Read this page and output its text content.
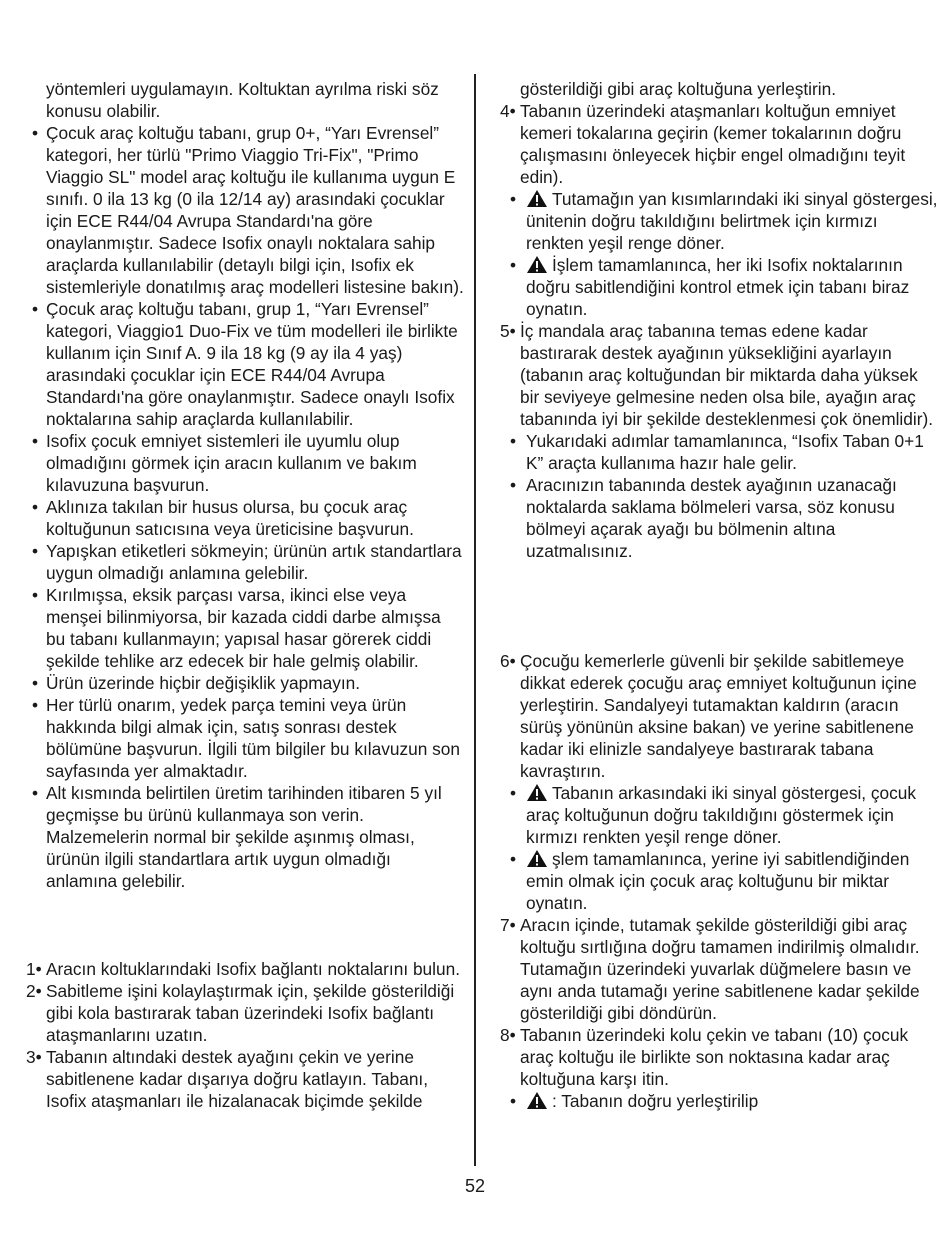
yöntemleri uygulamayın. Koltuktan ayrılma riski söz konusu olabilir.

• Çocuk araç koltuğu tabanı, grup 0+, “Yarı Evrensel” kategori, her türlü "Primo Viaggio Tri-Fix", "Primo Viaggio SL" model araç koltuğu ile kullanıma uygun E sınıfı. 0 ila 13 kg (0 ila 12/14 ay) arasındaki çocuklar için ECE R44/04 Avrupa Standardı'na göre onaylanmıştır. Sadece Isofix onaylı noktalara sahip araçlarda kullanılabilir (detaylı bilgi için, Isofix ek sistemleriyle donatılmış araç modelleri listesine bakın).

• Çocuk araç koltuğu tabanı, grup 1, “Yarı Evrensel” kategori, Viaggio1 Duo-Fix ve tüm modelleri ile birlikte kullanım için Sınıf A. 9 ila 18 kg (9 ay ila 4 yaş) arasındaki çocuklar için ECE R44/04 Avrupa Standardı'na göre onaylanmıştır. Sadece onaylı Isofix noktalarına sahip araçlarda kullanılabilir.

• Isofix çocuk emniyet sistemleri ile uyumlu olup olmadığını görmek için aracın kullanım ve bakım kılavuzuna başvurun.

• Aklınıza takılan bir husus olursa, bu çocuk araç koltuğunun satıcısına veya üreticisine başvurun.

• Yapışkan etiketleri sökmeyin; ürünün artık standartlara uygun olmadığı anlamına gelebilir.

• Kırılmışsa, eksik parçası varsa, ikinci else veya menşei bilinmiyorsa, bir kazada ciddi darbe almışsa bu tabanı kullanmayın; yapısal hasar görerek ciddi şekilde tehlike arz edecek bir hale gelmiş olabilir.

• Ürün üzerinde hiçbir değişiklik yapmayın.

• Her türlü onarım, yedek parça temini veya ürün hakkında bilgi almak için, satış sonrası destek bölümüne başvurun. İlgili tüm bilgiler bu kılavuzun son sayfasında yer almaktadır.

• Alt kısmında belirtilen üretim tarihinden itibaren 5 yıl geçmişse bu ürünü kullanmaya son verin. Malzemelerin normal bir şekilde aşınmış olması, ürünün ilgili standartlara artık uygun olmadığı anlamına gelebilir.

1• Aracın koltuklarındaki Isofix bağlantı noktalarını bulun.

2• Sabitleme işini kolaylaştırmak için, şekilde gösterildiği gibi kola bastırarak taban üzerindeki Isofix bağlantı ataşmanlarını uzatın.

3• Tabanın altındaki destek ayağını çekin ve yerine sabitlenene kadar dışarıya doğru katlayın. Tabanı, Isofix ataşmanları ile hizalanacak biçimde şekilde

gösterildiği gibi araç koltuğuna yerleştirin.

4• Tabanın üzerindeki ataşmanları koltuğun emniyet kemeri tokalarına geçirin (kemer tokalarının doğru çalışmasını önleyecek hiçbir engel olmadığını teyit edin).

• Tutamağın yan kısımlarındaki iki sinyal göstergesi, ünitenin doğru takıldığını belirtmek için kırmızı renkten yeşil renge döner.

• İşlem tamamlanınca, her iki Isofix noktalarının doğru sabitlendiğini kontrol etmek için tabanı biraz oynatın.

5• İç mandala araç tabanına temas edene kadar bastırarak destek ayağının yüksekliğini ayarlayın (tabanın araç koltuğundan bir miktarda daha yüksek bir seviyeye gelmesine neden olsa bile, ayağın araç tabanında iyi bir şekilde desteklenmesi çok önemlidir).

• Yukarıdaki adımlar tamamlanınca, “Isofix Taban 0+1 K” araçta kullanıma hazır hale gelir.

• Aracınızın tabanında destek ayağının uzanacağı noktalarda saklama bölmeleri varsa, söz konusu bölmeyi açarak ayağı bu bölmenin altına uzatmalısınız.

6• Çocuğu kemerlerle güvenli bir şekilde sabitlemeye dikkat ederek çocuğu araç emniyet koltuğunun içine yerleştirin. Sandalyeyi tutamaktan kaldırın (aracın sürüş yönünün aksine bakan) ve yerine sabitlenene kadar iki elinizle sandalyeye bastırarak tabana kavraştırın.

• Tabanın arkasındaki iki sinyal göstergesi, çocuk araç koltuğunun doğru takıldığını göstermek için kırmızı renkten yeşil renge döner.

• şlem tamamlanınca, yerine iyi sabitlendiğinden emin olmak için çocuk araç koltuğunu bir miktar oynatın.

7• Aracın içinde, tutamak şekilde gösterildiği gibi araç koltuğu sırtlığına doğru tamamen indirilmiş olmalıdır. Tutamağın üzerindeki yuvarlak düğmelere basın ve aynı anda tutamağı yerine sabitlenene kadar şekilde gösterildiği gibi döndürün.

8• Tabanın üzerindeki kolu çekin ve tabanı (10) çocuk araç koltuğu ile birlikte son noktasına kadar araç koltuğuna karşı itin.

• : Tabanın doğru yerleştirilip

52
